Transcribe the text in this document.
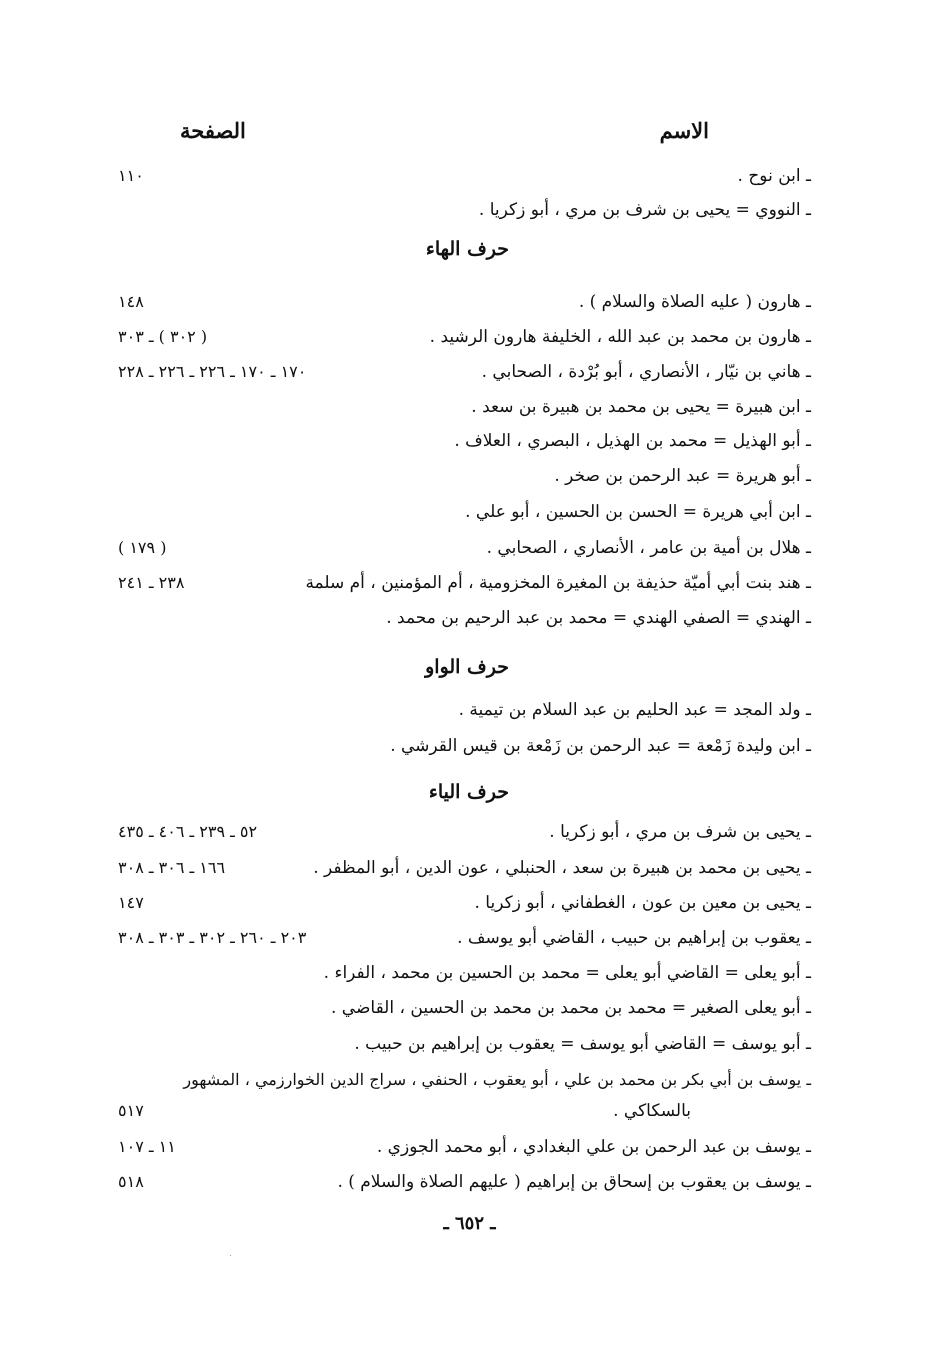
الاسم
الصفحة
ـ ابن نوح .
١١٠
ـ النووي = يحيى بن شرف بن مري ، أبو زكريا .
حرف الهاء
ـ هارون ( عليه الصلاة والسلام ) .
١٤٨
ـ هارون بن محمد بن عبد الله ، الخليفة هارون الرشيد .
( ٣٠٢ ) ـ ٣٠٣
ـ هاني بن نيّار ، الأنصاري ، أبو بُرْدة ، الصحابي .
١٧٠ ـ ١٧٠ ـ ٢٢٦ ـ ٢٢٦ ـ ٢٢٨
ـ ابن هبيرة = يحيى بن محمد بن هبيرة بن سعد .
ـ أبو الهذيل = محمد بن الهذيل ، البصري ، العلاف .
ـ أبو هريرة = عبد الرحمن بن صخر .
ـ ابن أبي هريرة = الحسن بن الحسين ، أبو علي .
ـ هلال بن أمية بن عامر ، الأنصاري ، الصحابي .
( ١٧٩ )
ـ هند بنت أبي أميّة حذيفة بن المغيرة المخزومية ، أم المؤمنين ، أم سلمة
٢٣٨ ـ ٢٤١
ـ الهندي = الصفي الهندي = محمد بن عبد الرحيم بن محمد .
حرف الواو
ـ ولد المجد = عبد الحليم بن عبد السلام بن تيمية .
ـ ابن وليدة زَمْعة = عبد الرحمن بن زَمْعة بن قيس القرشي .
حرف الياء
ـ يحيى بن شرف بن مري ، أبو زكريا .
٥٢ ـ ٢٣٩ ـ ٤٠٦ ـ ٤٣٥
ـ يحيى بن محمد بن هبيرة بن سعد ، الحنبلي ، عون الدين ، أبو المظفر .
١٦٦ ـ ٣٠٦ ـ ٣٠٨
ـ يحيى بن معين بن عون ، الغطفاني ، أبو زكريا .
١٤٧
ـ يعقوب بن إبراهيم بن حبيب ، القاضي أبو يوسف .
٢٠٣ ـ ٢٦٠ ـ ٣٠٢ ـ ٣٠٣ ـ ٣٠٨
ـ أبو يعلى = القاضي أبو يعلى = محمد بن الحسين بن محمد ، الفراء .
ـ أبو يعلى الصغير = محمد بن محمد بن محمد بن الحسين ، القاضي .
ـ أبو يوسف = القاضي أبو يوسف = يعقوب بن إبراهيم بن حبيب .
ـ يوسف بن أبي بكر بن محمد بن علي ، أبو يعقوب ، الحنفي ، سراج الدين الخوارزمي ، المشهور
بالسكاكي .
٥١٧
ـ يوسف بن عبد الرحمن بن علي البغدادي ، أبو محمد الجوزي .
١١ ـ ١٠٧
ـ يوسف بن يعقوب بن إسحاق بن إبراهيم ( عليهم الصلاة والسلام ) .
٥١٨
ـ ٦٥٢ ـ
